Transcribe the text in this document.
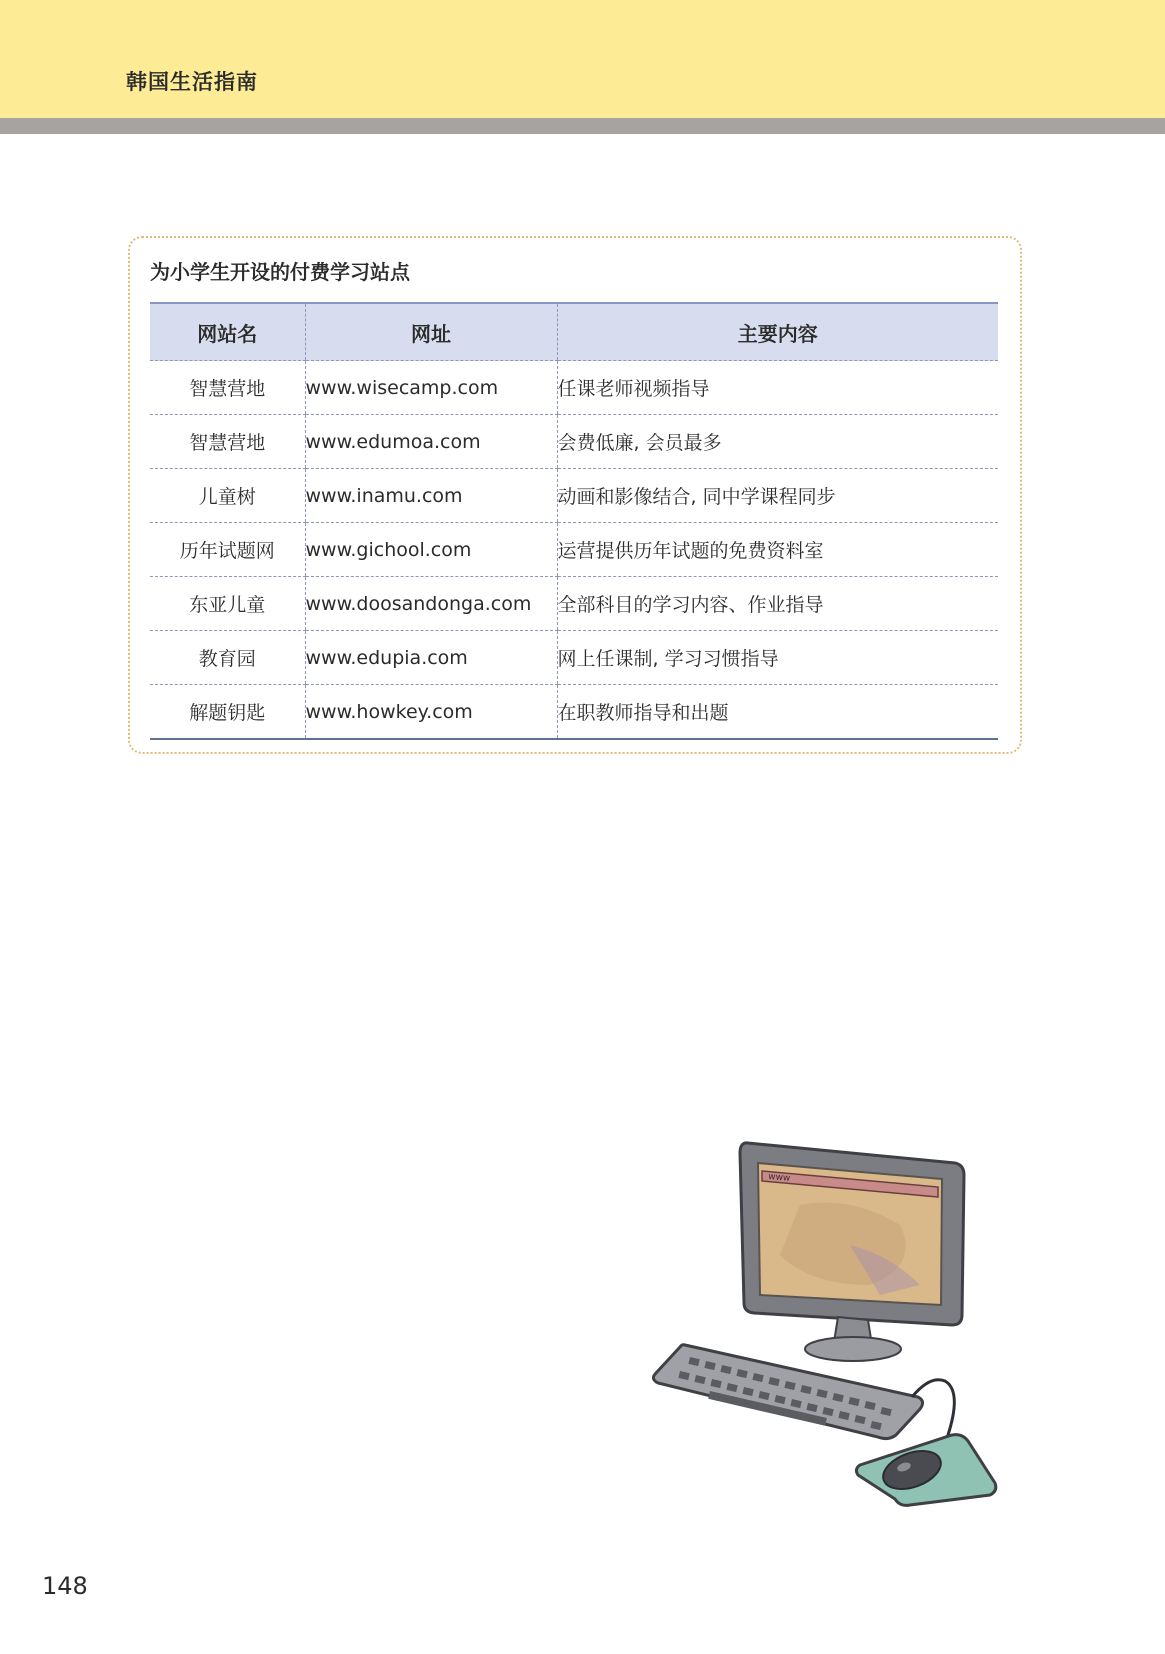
韩国生活指南
为小学生开设的付费学习站点
网站名	网址	主要内容
智慧营地	www.wisecamp.com	任课老师视频指导
智慧营地	www.edumoa.com	会费低廉, 会员最多
儿童树	www.inamu.com	动画和影像结合, 同中学课程同步
历年试题网	www.gichool.com	运营提供历年试题的免费资料室
东亚儿童	www.doosandonga.com	全部科目的学习内容、作业指导
教育园	www.edupia.com	网上任课制, 学习习惯指导
解题钥匙	www.howkey.com	在职教师指导和出题
www
148
